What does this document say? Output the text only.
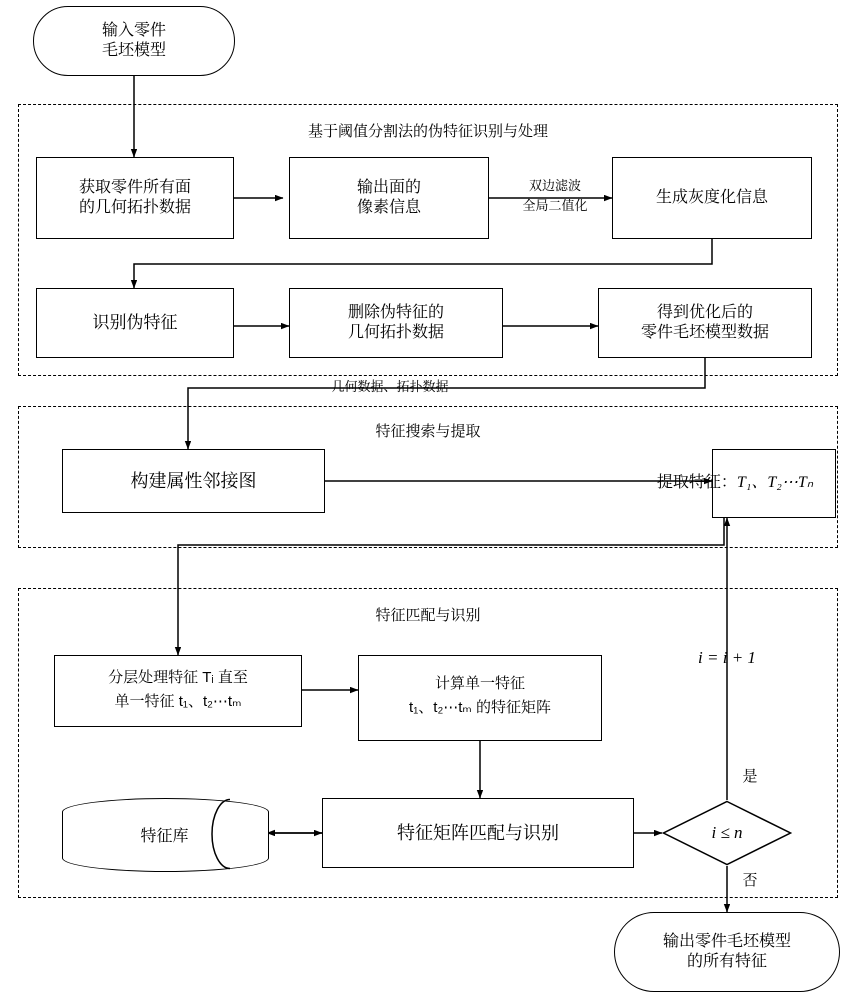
基于阈值分割法的伪特征识别与处理
特征搜索与提取
特征匹配与识别
输入零件
毛坯模型
获取零件所有面
的几何拓扑数据
输出面的
像素信息
双边滤波
全局二值化	生成灰度化信息
识别伪特征
删除伪特征的
几何拓扑数据
得到优化后的
零件毛坯模型数据
几何数据、拓扑数据
构建属性邻接图	提取特征：T₁、T₂⋯Tₙ
i = i + 1

分层处理特征 Tᵢ 直至
单一特征 t₁、t₂⋯tₘ
计算单一特征
t₁、t₂⋯tₘ 的特征矩阵
特征库	特征矩阵匹配与识别	i ≤ n
是
否
输出零件毛坯模型
的所有特征
